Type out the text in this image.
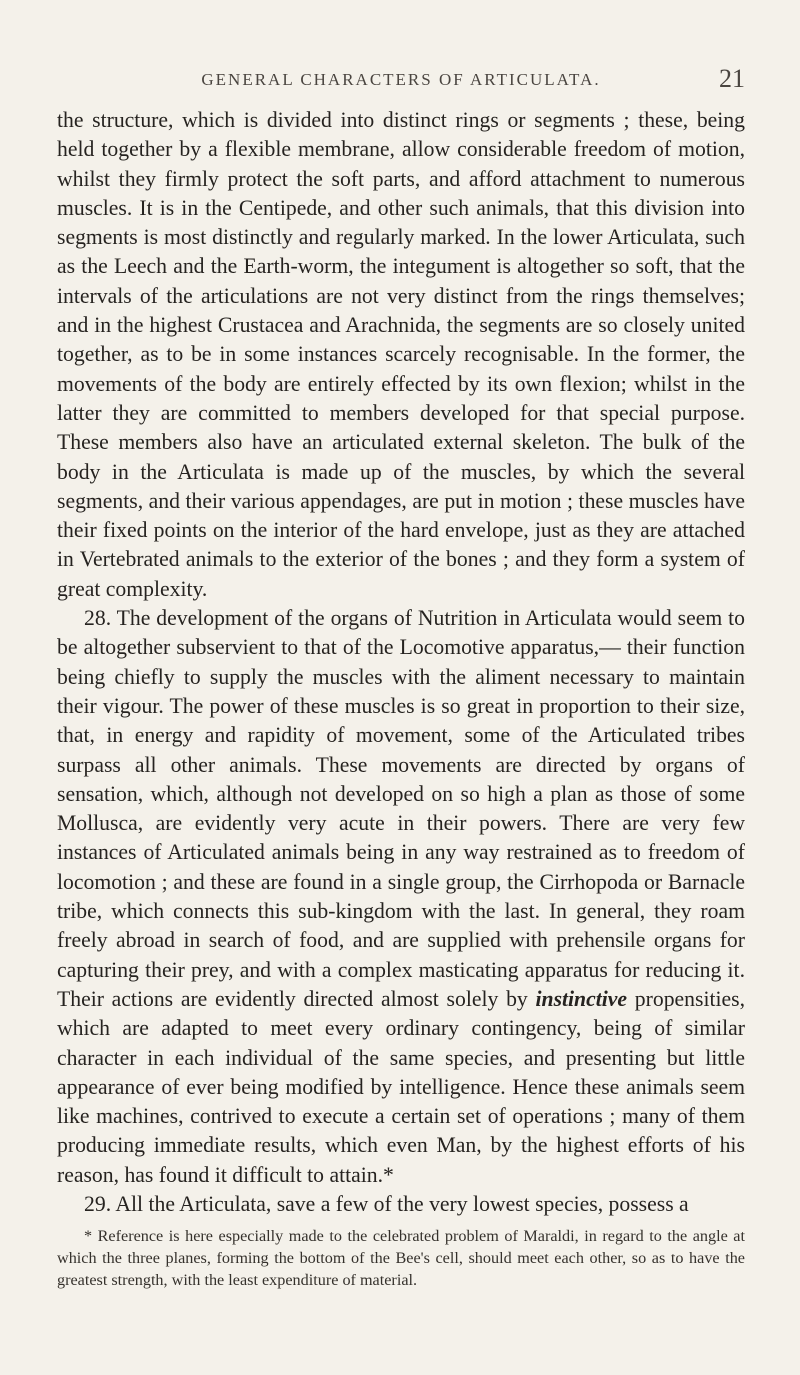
GENERAL CHARACTERS OF ARTICULATA.	21

the structure, which is divided into distinct rings or segments ; these, being held together by a flexible membrane, allow considerable freedom of motion, whilst they firmly protect the soft parts, and afford attachment to numerous muscles. It is in the Centipede, and other such animals, that this division into segments is most distinctly and regularly marked. In the lower Articulata, such as the Leech and the Earth-worm, the integument is altogether so soft, that the intervals of the articulations are not very distinct from the rings themselves; and in the highest Crustacea and Arachnida, the segments are so closely united together, as to be in some instances scarcely recognisable. In the former, the movements of the body are entirely effected by its own flexion; whilst in the latter they are committed to members developed for that special purpose. These members also have an articulated external skeleton. The bulk of the body in the Articulata is made up of the muscles, by which the several segments, and their various appendages, are put in motion ; these muscles have their fixed points on the interior of the hard envelope, just as they are attached in Vertebrated animals to the exterior of the bones ; and they form a system of great complexity.

28. The development of the organs of Nutrition in Articulata would seem to be altogether subservient to that of the Locomotive apparatus,— their function being chiefly to supply the muscles with the aliment necessary to maintain their vigour. The power of these muscles is so great in proportion to their size, that, in energy and rapidity of movement, some of the Articulated tribes surpass all other animals. These movements are directed by organs of sensation, which, although not developed on so high a plan as those of some Mollusca, are evidently very acute in their powers. There are very few instances of Articulated animals being in any way restrained as to freedom of locomotion ; and these are found in a single group, the Cirrhopoda or Barnacle tribe, which connects this sub-kingdom with the last. In general, they roam freely abroad in search of food, and are supplied with prehensile organs for capturing their prey, and with a complex masticating apparatus for reducing it. Their actions are evidently directed almost solely by instinctive propensities, which are adapted to meet every ordinary contingency, being of similar character in each individual of the same species, and presenting but little appearance of ever being modified by intelligence. Hence these animals seem like machines, contrived to execute a certain set of operations ; many of them producing immediate results, which even Man, by the highest efforts of his reason, has found it difficult to attain.*

29. All the Articulata, save a few of the very lowest species, possess a

* Reference is here especially made to the celebrated problem of Maraldi, in regard to the angle at which the three planes, forming the bottom of the Bee's cell, should meet each other, so as to have the greatest strength, with the least expenditure of material.
